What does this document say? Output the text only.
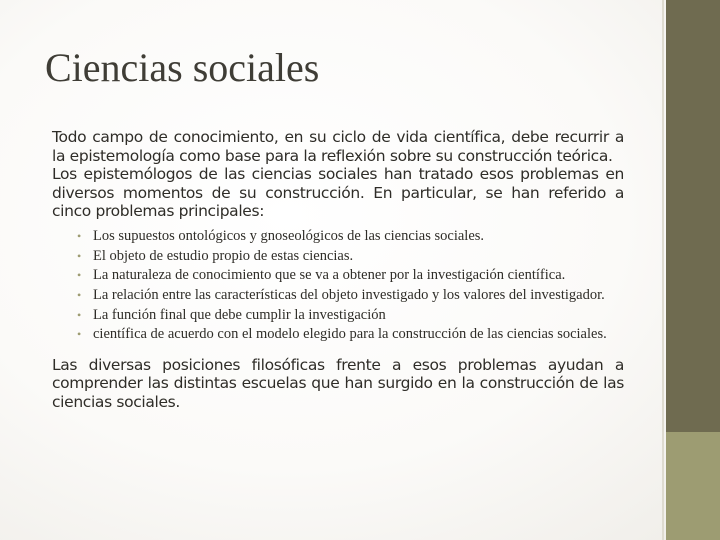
Ciencias sociales

Todo campo de conocimiento, en su ciclo de vida científica, debe recurrir a la epistemología como base para la reflexión sobre su construcción teórica.

Los epistemólogos de las ciencias sociales han tratado esos problemas en diversos momentos de su construcción. En particular, se han referido a cinco problemas principales:

• Los supuestos ontológicos y gnoseológicos de las ciencias sociales.
• El objeto de estudio propio de estas ciencias.
• La naturaleza de conocimiento que se va a obtener por la investigación científica.
• La relación entre las características del objeto investigado y los valores del investigador.
• La función final que debe cumplir la investigación
• científica de acuerdo con el modelo elegido para la construcción de las ciencias sociales.

Las diversas posiciones filosóficas frente a esos problemas ayudan a comprender las distintas escuelas que han surgido en la construcción de las ciencias sociales.
